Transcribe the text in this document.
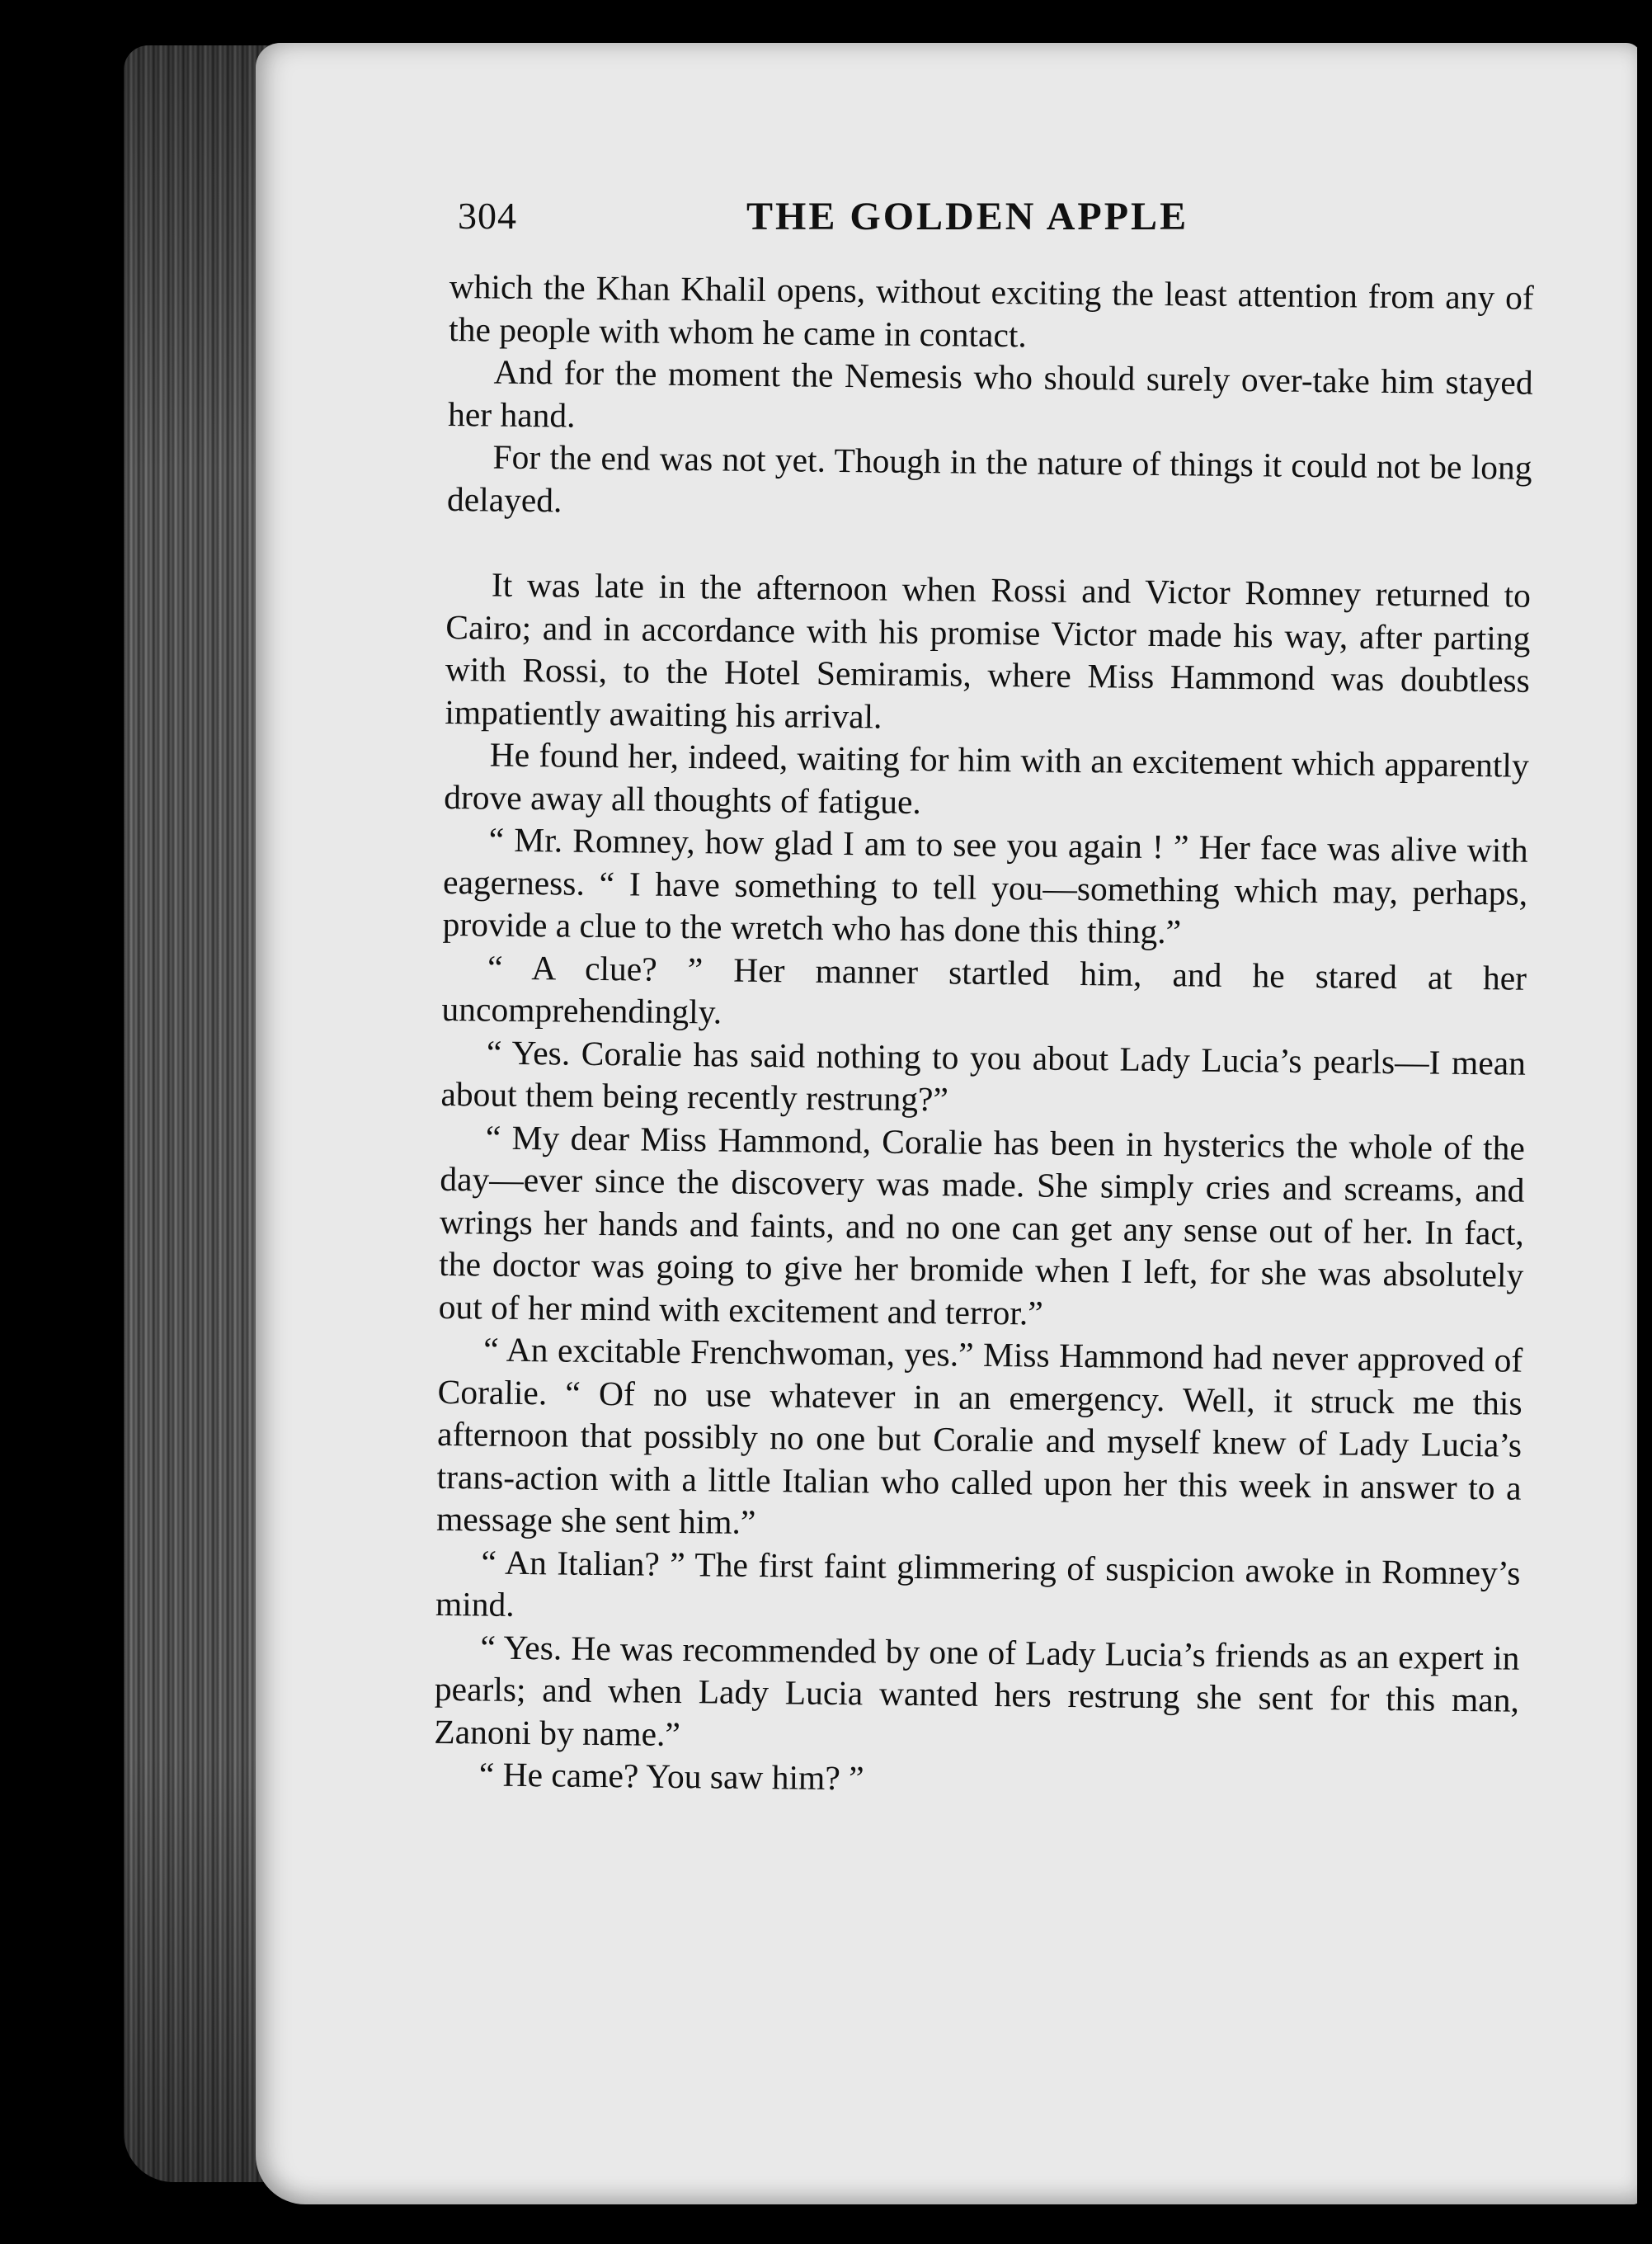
304	THE GOLDEN APPLE

which the Khan Khalil opens, without exciting the least attention from any of the people with whom he came in contact.

And for the moment the Nemesis who should surely over-take him stayed her hand.

For the end was not yet. Though in the nature of things it could not be long delayed.

It was late in the afternoon when Rossi and Victor Romney returned to Cairo; and in accordance with his promise Victor made his way, after parting with Rossi, to the Hotel Semiramis, where Miss Hammond was doubtless impatiently awaiting his arrival.

He found her, indeed, waiting for him with an excitement which apparently drove away all thoughts of fatigue.

“ Mr. Romney, how glad I am to see you again ! ” Her face was alive with eagerness. “ I have something to tell you—something which may, perhaps, provide a clue to the wretch who has done this thing.”

“ A clue? ” Her manner startled him, and he stared at her uncomprehendingly.

“ Yes. Coralie has said nothing to you about Lady Lucia’s pearls—I mean about them being recently restrung?”

“ My dear Miss Hammond, Coralie has been in hysterics the whole of the day—ever since the discovery was made. She simply cries and screams, and wrings her hands and faints, and no one can get any sense out of her. In fact, the doctor was going to give her bromide when I left, for she was absolutely out of her mind with excitement and terror.”

“ An excitable Frenchwoman, yes.” Miss Hammond had never approved of Coralie. “ Of no use whatever in an emergency. Well, it struck me this afternoon that possibly no one but Coralie and myself knew of Lady Lucia’s trans-action with a little Italian who called upon her this week in answer to a message she sent him.”

“ An Italian? ” The first faint glimmering of suspicion awoke in Romney’s mind.

“ Yes. He was recommended by one of Lady Lucia’s friends as an expert in pearls; and when Lady Lucia wanted hers restrung she sent for this man, Zanoni by name.”

“ He came? You saw him? ”
